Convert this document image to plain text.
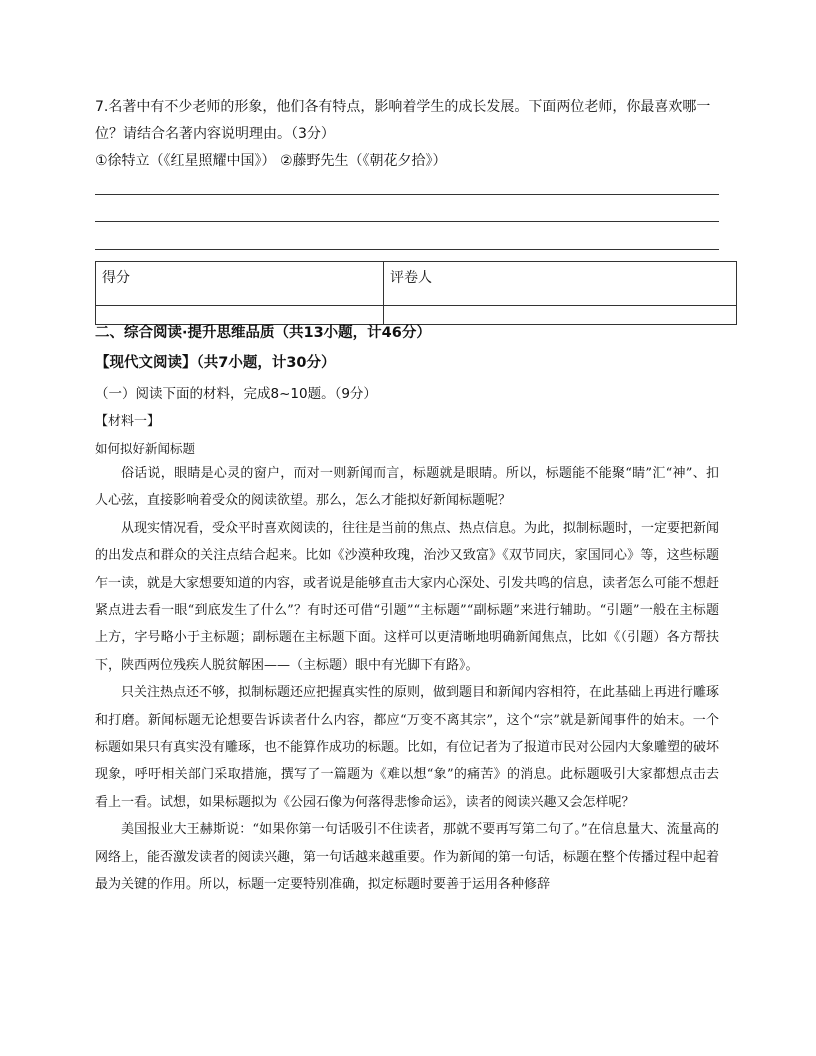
7.名著中有不少老师的形象，他们各有特点，影响着学生的成长发展。下面两位老师，你最喜欢哪一
位？请结合名著内容说明理由。（3分）
①徐特立（《红星照耀中国》） ②藤野先生（《朝花夕拾》）
得分	评卷人

二、综合阅读·提升思维品质（共13小题，计46分）
【现代文阅读】（共7小题，计30分）
（一）阅读下面的材料，完成8~10题。（9分）
【材料一】
如何拟好新闻标题

俗话说，眼睛是心灵的窗户，而对一则新闻而言，标题就是眼睛。所以，标题能不能聚“睛”汇“神”、扣人心弦，直接影响着受众的阅读欲望。那么，怎么才能拟好新闻标题呢？

从现实情况看，受众平时喜欢阅读的，往往是当前的焦点、热点信息。为此，拟制标题时，一定要把新闻的出发点和群众的关注点结合起来。比如《沙漠种玫瑰，治沙又致富》《双节同庆，家国同心》等，这些标题乍一读，就是大家想要知道的内容，或者说是能够直击大家内心深处、引发共鸣的信息，读者怎么可能不想赶紧点进去看一眼“到底发生了什么”？有时还可借“引题”“主标题”“副标题”来进行辅助。“引题”一般在主标题上方，字号略小于主标题；副标题在主标题下面。这样可以更清晰地明确新闻焦点，比如《（引题）各方帮扶下，陕西两位残疾人脱贫解困——（主标题）眼中有光脚下有路》。

只关注热点还不够，拟制标题还应把握真实性的原则，做到题目和新闻内容相符，在此基础上再进行雕琢和打磨。新闻标题无论想要告诉读者什么内容，都应“万变不离其宗”，这个“宗”就是新闻事件的始末。一个标题如果只有真实没有雕琢，也不能算作成功的标题。比如，有位记者为了报道市民对公园内大象雕塑的破坏现象，呼吁相关部门采取措施，撰写了一篇题为《难以想“象”的痛苦》的消息。此标题吸引大家都想点击去看上一看。试想，如果标题拟为《公园石像为何落得悲惨命运》，读者的阅读兴趣又会怎样呢？

美国报业大王赫斯说：“如果你第一句话吸引不住读者，那就不要再写第二句了。”在信息量大、流量高的网络上，能否激发读者的阅读兴趣，第一句话越来越重要。作为新闻的第一句话，标题在整个传播过程中起着最为关键的作用。所以，标题一定要特别准确，拟定标题时要善于运用各种修辞
